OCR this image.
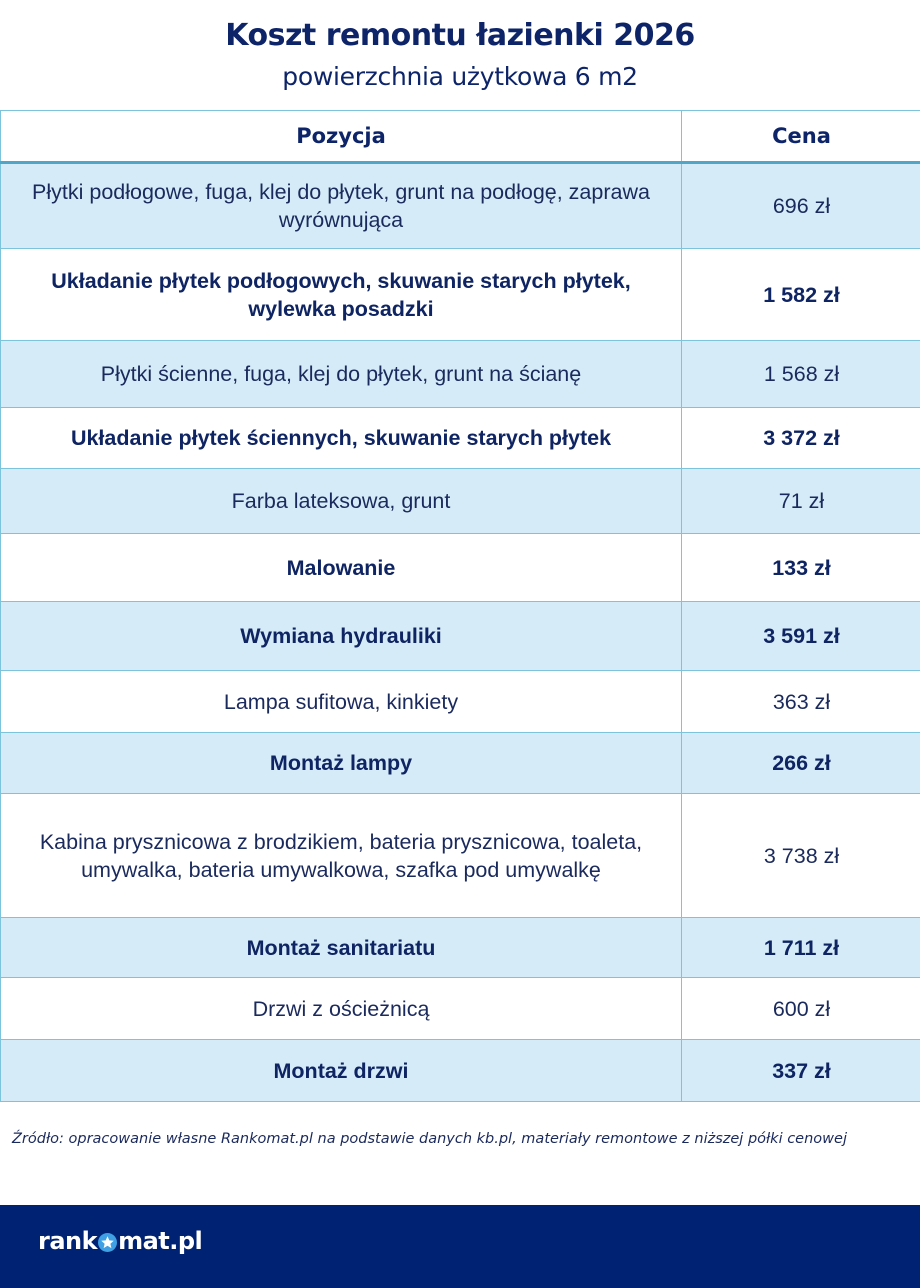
Koszt remontu łazienki 2026
powierzchnia użytkowa 6 m2
Pozycja	Cena
Płytki podłogowe, fuga, klej do płytek, grunt na podłogę, zaprawa wyrównująca	696 zł
Układanie płytek podłogowych, skuwanie starych płytek, wylewka posadzki	1 582 zł
Płytki ścienne, fuga, klej do płytek, grunt na ścianę	1 568 zł
Układanie płytek ściennych, skuwanie starych płytek	3 372 zł
Farba lateksowa, grunt	71 zł
Malowanie	133 zł
Wymiana hydrauliki	3 591 zł
Lampa sufitowa, kinkiety	363 zł
Montaż lampy	266 zł
Kabina prysznicowa z brodzikiem, bateria prysznicowa, toaleta, umywalka, bateria umywalkowa, szafka pod umywalkę	3 738 zł
Montaż sanitariatu	1 711 zł
Drzwi z ościeżnicą	600 zł
Montaż drzwi	337 zł
Źródło: opracowanie własne Rankomat.pl na podstawie danych kb.pl, materiały remontowe z niższej półki cenowej
rank mat.pl
